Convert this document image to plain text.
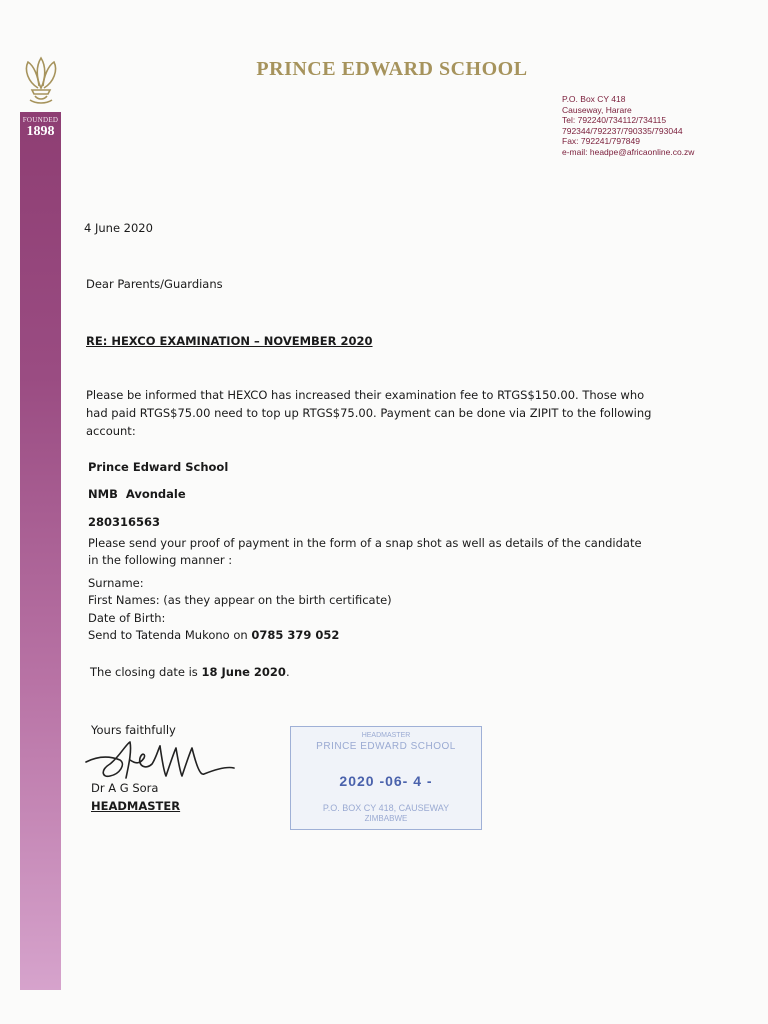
FOUNDED
1898
PRINCE EDWARD SCHOOL
P.O. Box CY 418
Causeway, Harare
Tel: 792240/734112/734115
792344/792237/790335/793044
Fax: 792241/797849
e-mail: headpe@africaonline.co.zw
4 June 2020
Dear Parents/Guardians
RE: HEXCO EXAMINATION – NOVEMBER 2020
Please be informed that HEXCO has increased their examination fee to RTGS$150.00. Those who had paid RTGS$75.00 need to top up RTGS$75.00. Payment can be done via ZIPIT to the following account:
Prince Edward School
NMB  Avondale
280316563
Please send your proof of payment in the form of a snap shot as well as details of the candidate in the following manner :
Surname:
First Names: (as they appear on the birth certificate)
Date of Birth:
Send to Tatenda Mukono on 0785 379 052
The closing date is 18 June 2020.
Yours faithfully
Dr A G Sora
HEADMASTER
HEADMASTER
PRINCE EDWARD SCHOOL
2020 -06- 4 -
P.O. BOX CY 418, CAUSEWAY
ZIMBABWE
